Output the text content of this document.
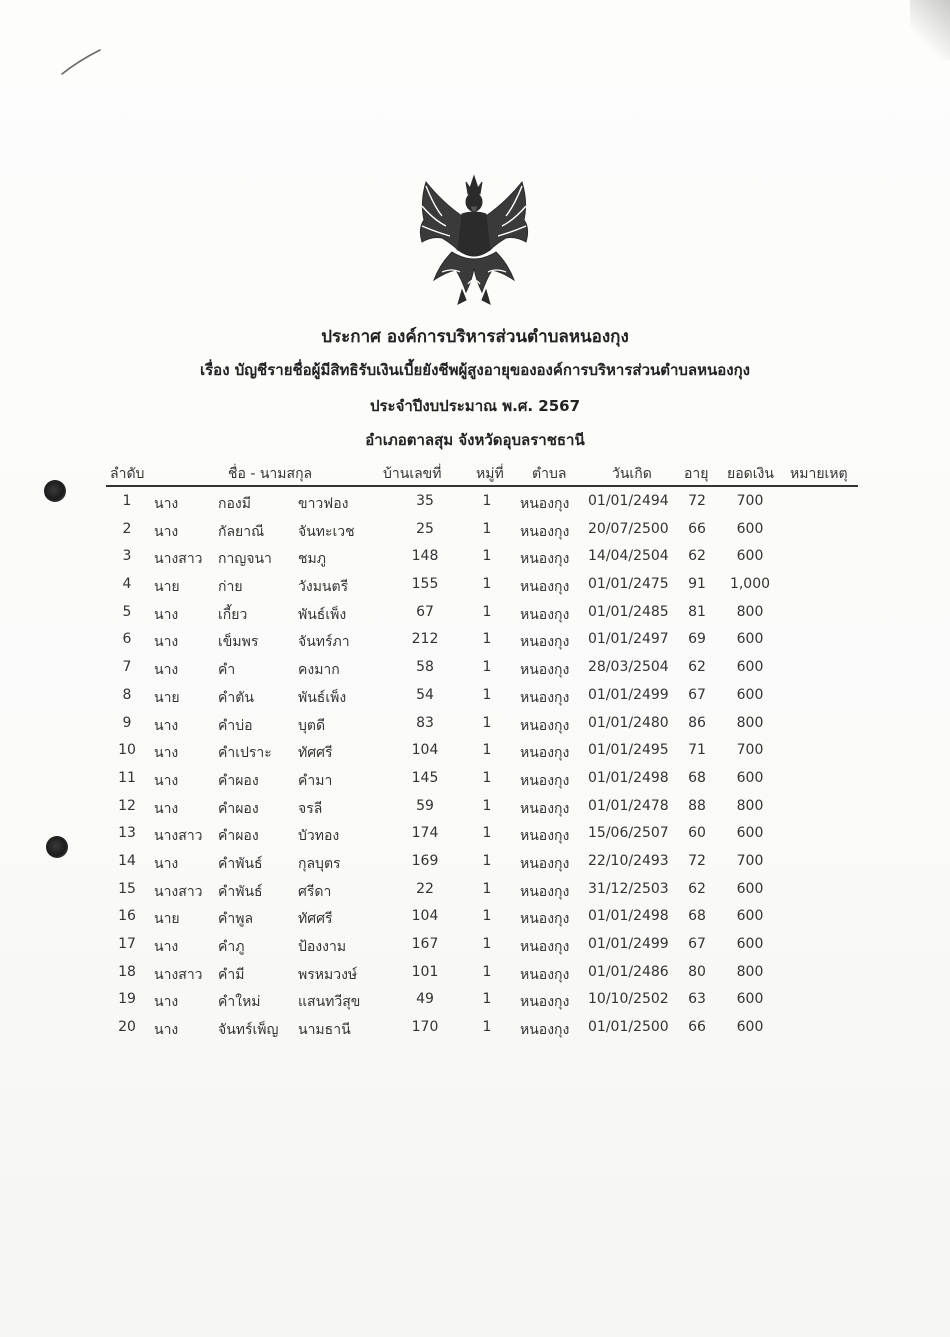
ประกาศ องค์การบริหารส่วนตำบลหนองกุง
เรื่อง บัญชีรายชื่อผู้มีสิทธิรับเงินเบี้ยยังชีพผู้สูงอายุขององค์การบริหารส่วนตำบลหนองกุง
ประจำปีงบประมาณ พ.ศ. 2567
อำเภอตาลสุม จังหวัดอุบลราชธานี
ลำดับ	ชื่อ - นามสกุล	บ้านเลขที่ หมู่ที่ ตำบล	วันเกิด อายุ ยอดเงิน หมายเหตุ
1	นาง	กองมี	ขาวฟอง	35	1	หนองกุง 01/01/2494	72	700
2	นาง	กัลยาณี จันทะเวช	25	1	หนองกุง 20/07/2500	66	600
3	นางสาว กาญจนา ชมภู	148	1	หนองกุง 14/04/2504	62	600
4	นาย	ก่าย	วังมนตรี	155	1	หนองกุง 01/01/2475	91	1,000
5	นาง	เกี้ยว	พันธ์เพ็ง	67	1	หนองกุง 01/01/2485	81	800
6	นาง	เข็มพร	จันทร์ภา	212	1	หนองกุง 01/01/2497	69	600
7	นาง	คำ	คงมาก	58	1	หนองกุง 28/03/2504	62	600
8	นาย	คำตัน	พันธ์เพ็ง	54	1	หนองกุง 01/01/2499	67	600
9	นาง	คำบ่อ	บุตดี	83	1	หนองกุง 01/01/2480	86	800
10	นาง	คำเปราะ ทัศศรี	104	1	หนองกุง 01/01/2495	71	700
11	นาง	คำผอง	คำมา	145	1	หนองกุง 01/01/2498	68	600
12	นาง	คำผอง	จรลี	59	1	หนองกุง 01/01/2478	88	800
13	นางสาว คำผอง	บัวทอง	174	1	หนองกุง 15/06/2507	60	600
14	นาง	คำพันธ์	กุลบุตร	169	1	หนองกุง 22/10/2493	72	700
15	นางสาว คำพันธ์	ศรีดา	22	1	หนองกุง 31/12/2503	62	600
16	นาย	คำพูล	ทัศศรี	104	1	หนองกุง 01/01/2498	68	600
17	นาง	คำภู	ป้องงาม	167	1	หนองกุง 01/01/2499	67	600
18	นางสาว คำมี	พรหมวงษ์	101	1	หนองกุง 01/01/2486	80	800
19	นาง	คำใหม่	แสนทวีสุข	49	1	หนองกุง 10/10/2502	63	600
20	นาง	จันทร์เพ็ญ นามธานี	170	1	หนองกุง 01/01/2500	66	600
